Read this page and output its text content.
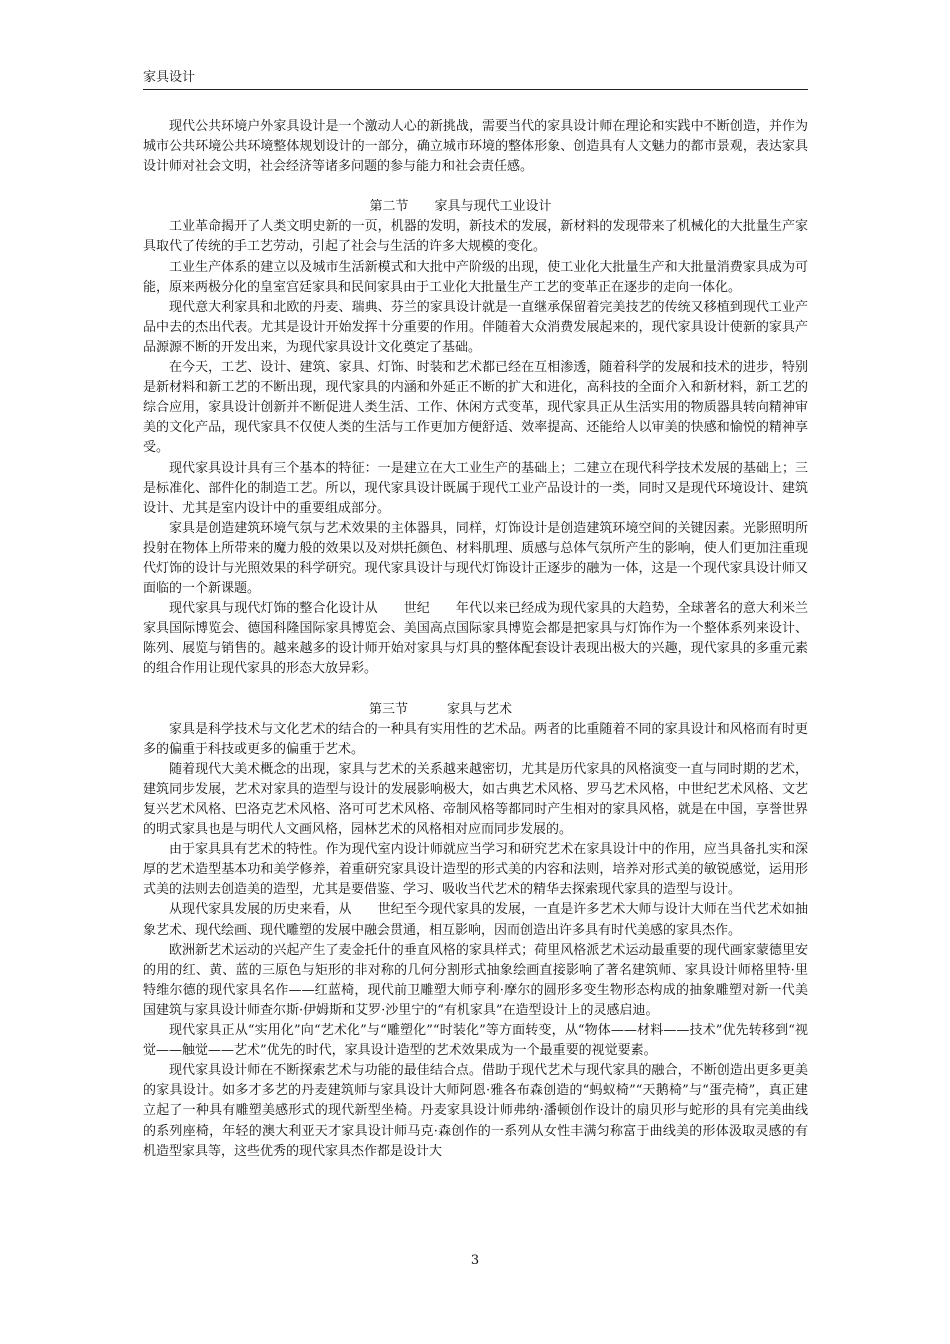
家具设计

现代公共环境户外家具设计是一个激动人心的新挑战，需要当代的家具设计师在理论和实践中不断创造，并作为城市公共环境公共环境整体规划设计的一部分，确立城市环境的整体形象、创造具有人文魅力的都市景观，表达家具设计师对社会文明，社会经济等诸多问题的参与能力和社会责任感。

第二节　　家具与现代工业设计

工业革命揭开了人类文明史新的一页，机器的发明，新技术的发展，新材料的发现带来了机械化的大批量生产家具取代了传统的手工艺劳动，引起了社会与生活的许多大规模的变化。

工业生产体系的建立以及城市生活新模式和大批中产阶级的出现，使工业化大批量生产和大批量消费家具成为可能，原来两极分化的皇室宫廷家具和民间家具由于工业化大批量生产工艺的变革正在逐步的走向一体化。

现代意大利家具和北欧的丹麦、瑞典、芬兰的家具设计就是一直继承保留着完美技艺的传统又移植到现代工业产品中去的杰出代表。尤其是设计开始发挥十分重要的作用。伴随着大众消费发展起来的，现代家具设计使新的家具产品源源不断的开发出来，为现代家具设计文化奠定了基础。

在今天，工艺、设计、建筑、家具、灯饰、时装和艺术都已经在互相渗透，随着科学的发展和技术的进步，特别是新材料和新工艺的不断出现，现代家具的内涵和外延正不断的扩大和进化，高科技的全面介入和新材料，新工艺的综合应用，家具设计创新并不断促进人类生活、工作、休闲方式变革，现代家具正从生活实用的物质器具转向精神审美的文化产品，现代家具不仅使人类的生活与工作更加方便舒适、效率提高、还能给人以审美的快感和愉悦的精神享受。

现代家具设计具有三个基本的特征：一是建立在大工业生产的基础上；二建立在现代科学技术发展的基础上；三是标准化、部件化的制造工艺。所以，现代家具设计既属于现代工业产品设计的一类，同时又是现代环境设计、建筑设计、尤其是室内设计中的重要组成部分。

家具是创造建筑环境气氛与艺术效果的主体器具，同样，灯饰设计是创造建筑环境空间的关键因素。光影照明所投射在物体上所带来的魔力般的效果以及对烘托颜色、材料肌理、质感与总体气氛所产生的影响，使人们更加注重现代灯饰的设计与光照效果的科学研究。现代家具设计与现代灯饰设计正逐步的融为一体，这是一个现代家具设计师又面临的一个新课题。

现代家具与现代灯饰的整合化设计从　　世纪　　年代以来已经成为现代家具的大趋势，全球著名的意大利米兰家具国际博览会、德国科隆国际家具博览会、美国高点国际家具博览会都是把家具与灯饰作为一个整体系列来设计、陈列、展览与销售的。越来越多的设计师开始对家具与灯具的整体配套设计表现出极大的兴趣，现代家具的多重元素的组合作用让现代家具的形态大放异彩。

第三节　　　家具与艺术

家具是科学技术与文化艺术的结合的一种具有实用性的艺术品。两者的比重随着不同的家具设计和风格而有时更多的偏重于科技或更多的偏重于艺术。

随着现代大美术概念的出现，家具与艺术的关系越来越密切，尤其是历代家具的风格演变一直与同时期的艺术，建筑同步发展，艺术对家具的造型与设计的发展影响极大，如古典艺术风格、罗马艺术风格，中世纪艺术风格、文艺复兴艺术风格、巴洛克艺术风格、洛可可艺术风格、帝制风格等都同时产生相对的家具风格，就是在中国，享誉世界的明式家具也是与明代人文画风格，园林艺术的风格相对应而同步发展的。

由于家具具有艺术的特性。作为现代室内设计师就应当学习和研究艺术在家具设计中的作用，应当具备扎实和深厚的艺术造型基本功和美学修养，着重研究家具设计造型的形式美的内容和法则，培养对形式美的敏锐感觉，运用形式美的法则去创造美的造型，尤其是要借鉴、学习、吸收当代艺术的精华去探索现代家具的造型与设计。

从现代家具发展的历史来看，从　　世纪至今现代家具的发展，一直是许多艺术大师与设计大师在当代艺术如抽象艺术、现代绘画、现代雕塑的发展中融会贯通，相互影响，因而创造出许多具有时代美感的家具杰作。

欧洲新艺术运动的兴起产生了麦金托什的垂直风格的家具样式；荷里风格派艺术运动最重要的现代画家蒙德里安的用的红、黄、蓝的三原色与矩形的非对称的几何分割形式抽象绘画直接影响了著名建筑师、家具设计师格里特·里特维尔德的现代家具名作——红蓝椅，现代前卫雕塑大师亨利·摩尔的圆形多变生物形态构成的抽象雕塑对新一代美国建筑与家具设计师查尔斯·伊姆斯和艾罗·沙里宁的“有机家具”在造型设计上的灵感启迪。

现代家具正从“实用化”向“艺术化”与“雕塑化”“时装化”等方面转变，从“物体——材料——技术”优先转移到“视觉——触觉——艺术”优先的时代，家具设计造型的艺术效果成为一个最重要的视觉要素。

现代家具设计师在不断探索艺术与功能的最佳结合点。借助于现代艺术与现代家具的融合，不断创造出更多更美的家具设计。如多才多艺的丹麦建筑师与家具设计大师阿恩·雅各布森创造的“蚂蚁椅”“天鹅椅”与“蛋壳椅”，真正建立起了一种具有雕塑美感形式的现代新型坐椅。丹麦家具设计师弗纳·潘顿创作设计的扇贝形与蛇形的具有完美曲线的系列座椅，年轻的澳大利亚天才家具设计师马克·森创作的一系列从女性丰满匀称富于曲线美的形体汲取灵感的有机造型家具等，这些优秀的现代家具杰作都是设计大

3
